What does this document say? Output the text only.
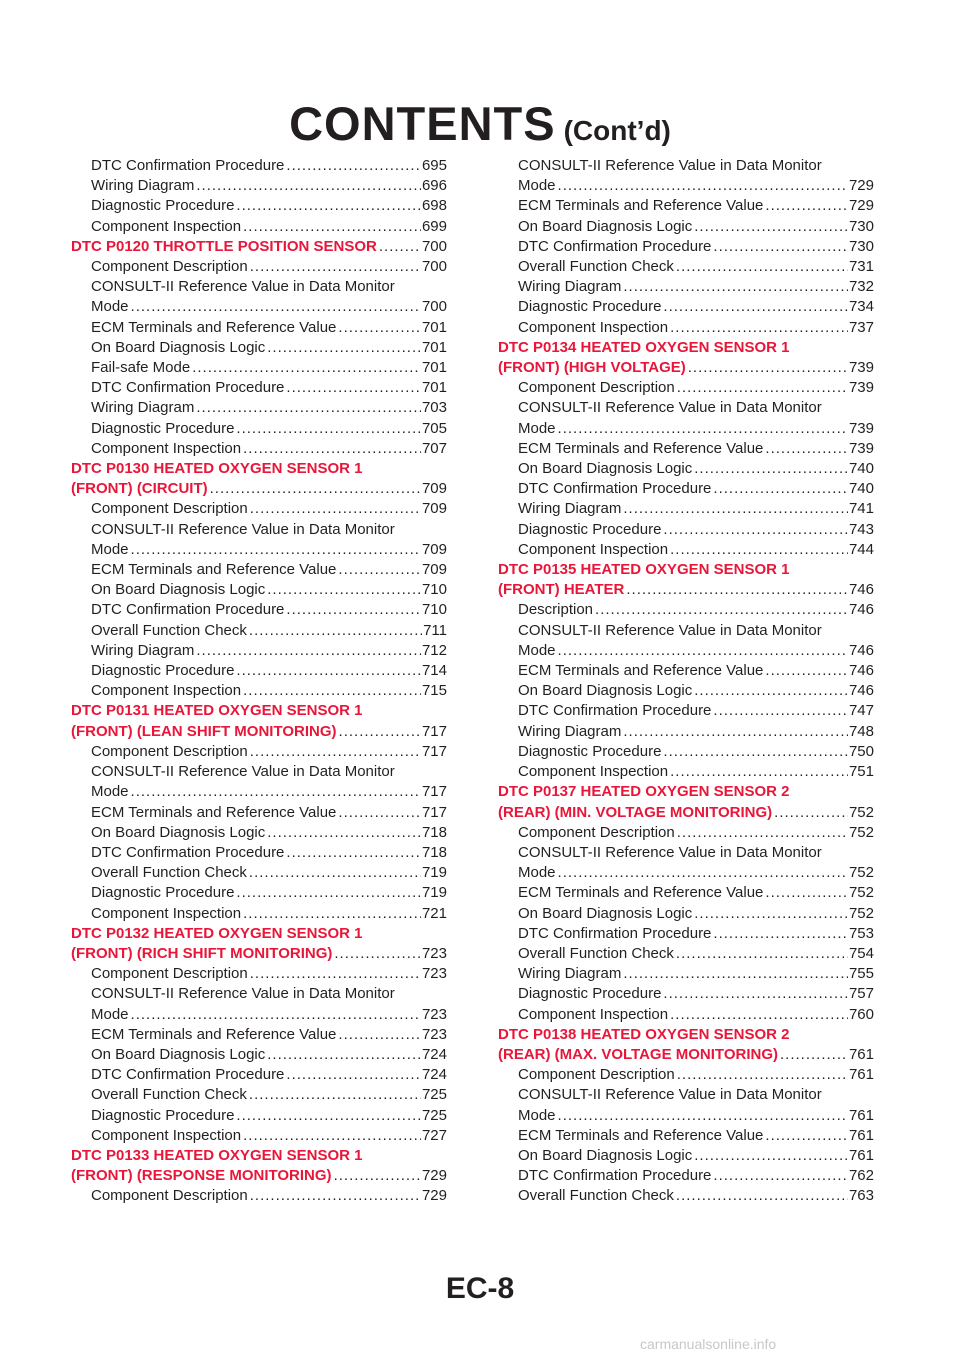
CONTENTS (Cont’d)
DTC Confirmation Procedure .....	695
Wiring Diagram .....	696
Diagnostic Procedure .....	698
Component Inspection .....	699
DTC P0120 THROTTLE POSITION SENSOR .....	700
Component Description .....	700
CONSULT-II Reference Value in Data Monitor
Mode .....	700
ECM Terminals and Reference Value .....	701
On Board Diagnosis Logic .....	701
Fail-safe Mode .....	701
DTC Confirmation Procedure .....	701
Wiring Diagram .....	703
Diagnostic Procedure .....	705
Component Inspection .....	707
DTC P0130 HEATED OXYGEN SENSOR 1
(FRONT) (CIRCUIT) .....	709
Component Description .....	709
CONSULT-II Reference Value in Data Monitor
Mode .....	709
ECM Terminals and Reference Value .....	709
On Board Diagnosis Logic .....	710
DTC Confirmation Procedure .....	710
Overall Function Check .....	711
Wiring Diagram .....	712
Diagnostic Procedure .....	714
Component Inspection .....	715
DTC P0131 HEATED OXYGEN SENSOR 1
(FRONT) (LEAN SHIFT MONITORING) .....	717
Component Description .....	717
CONSULT-II Reference Value in Data Monitor
Mode .....	717
ECM Terminals and Reference Value .....	717
On Board Diagnosis Logic .....	718
DTC Confirmation Procedure .....	718
Overall Function Check .....	719
Diagnostic Procedure .....	719
Component Inspection .....	721
DTC P0132 HEATED OXYGEN SENSOR 1
(FRONT) (RICH SHIFT MONITORING) .....	723
Component Description .....	723
CONSULT-II Reference Value in Data Monitor
Mode .....	723
ECM Terminals and Reference Value .....	723
On Board Diagnosis Logic .....	724
DTC Confirmation Procedure .....	724
Overall Function Check .....	725
Diagnostic Procedure .....	725
Component Inspection .....	727
DTC P0133 HEATED OXYGEN SENSOR 1
(FRONT) (RESPONSE MONITORING) .....	729
Component Description .....	729
CONSULT-II Reference Value in Data Monitor
Mode .....	729
ECM Terminals and Reference Value .....	729
On Board Diagnosis Logic .....	730
DTC Confirmation Procedure .....	730
Overall Function Check .....	731
Wiring Diagram .....	732
Diagnostic Procedure .....	734
Component Inspection .....	737
DTC P0134 HEATED OXYGEN SENSOR 1
(FRONT) (HIGH VOLTAGE) .....	739
Component Description .....	739
CONSULT-II Reference Value in Data Monitor
Mode .....	739
ECM Terminals and Reference Value .....	739
On Board Diagnosis Logic .....	740
DTC Confirmation Procedure .....	740
Wiring Diagram .....	741
Diagnostic Procedure .....	743
Component Inspection .....	744
DTC P0135 HEATED OXYGEN SENSOR 1
(FRONT) HEATER .....	746
Description .....	746
CONSULT-II Reference Value in Data Monitor
Mode .....	746
ECM Terminals and Reference Value .....	746
On Board Diagnosis Logic .....	746
DTC Confirmation Procedure .....	747
Wiring Diagram .....	748
Diagnostic Procedure .....	750
Component Inspection .....	751
DTC P0137 HEATED OXYGEN SENSOR 2
(REAR) (MIN. VOLTAGE MONITORING) .....	752
Component Description .....	752
CONSULT-II Reference Value in Data Monitor
Mode .....	752
ECM Terminals and Reference Value .....	752
On Board Diagnosis Logic .....	752
DTC Confirmation Procedure .....	753
Overall Function Check .....	754
Wiring Diagram .....	755
Diagnostic Procedure .....	757
Component Inspection .....	760
DTC P0138 HEATED OXYGEN SENSOR 2
(REAR) (MAX. VOLTAGE MONITORING) .....	761
Component Description .....	761
CONSULT-II Reference Value in Data Monitor
Mode .....	761
ECM Terminals and Reference Value .....	761
On Board Diagnosis Logic .....	761
DTC Confirmation Procedure .....	762
Overall Function Check .....	763
EC-8
carmanualsonline.info
